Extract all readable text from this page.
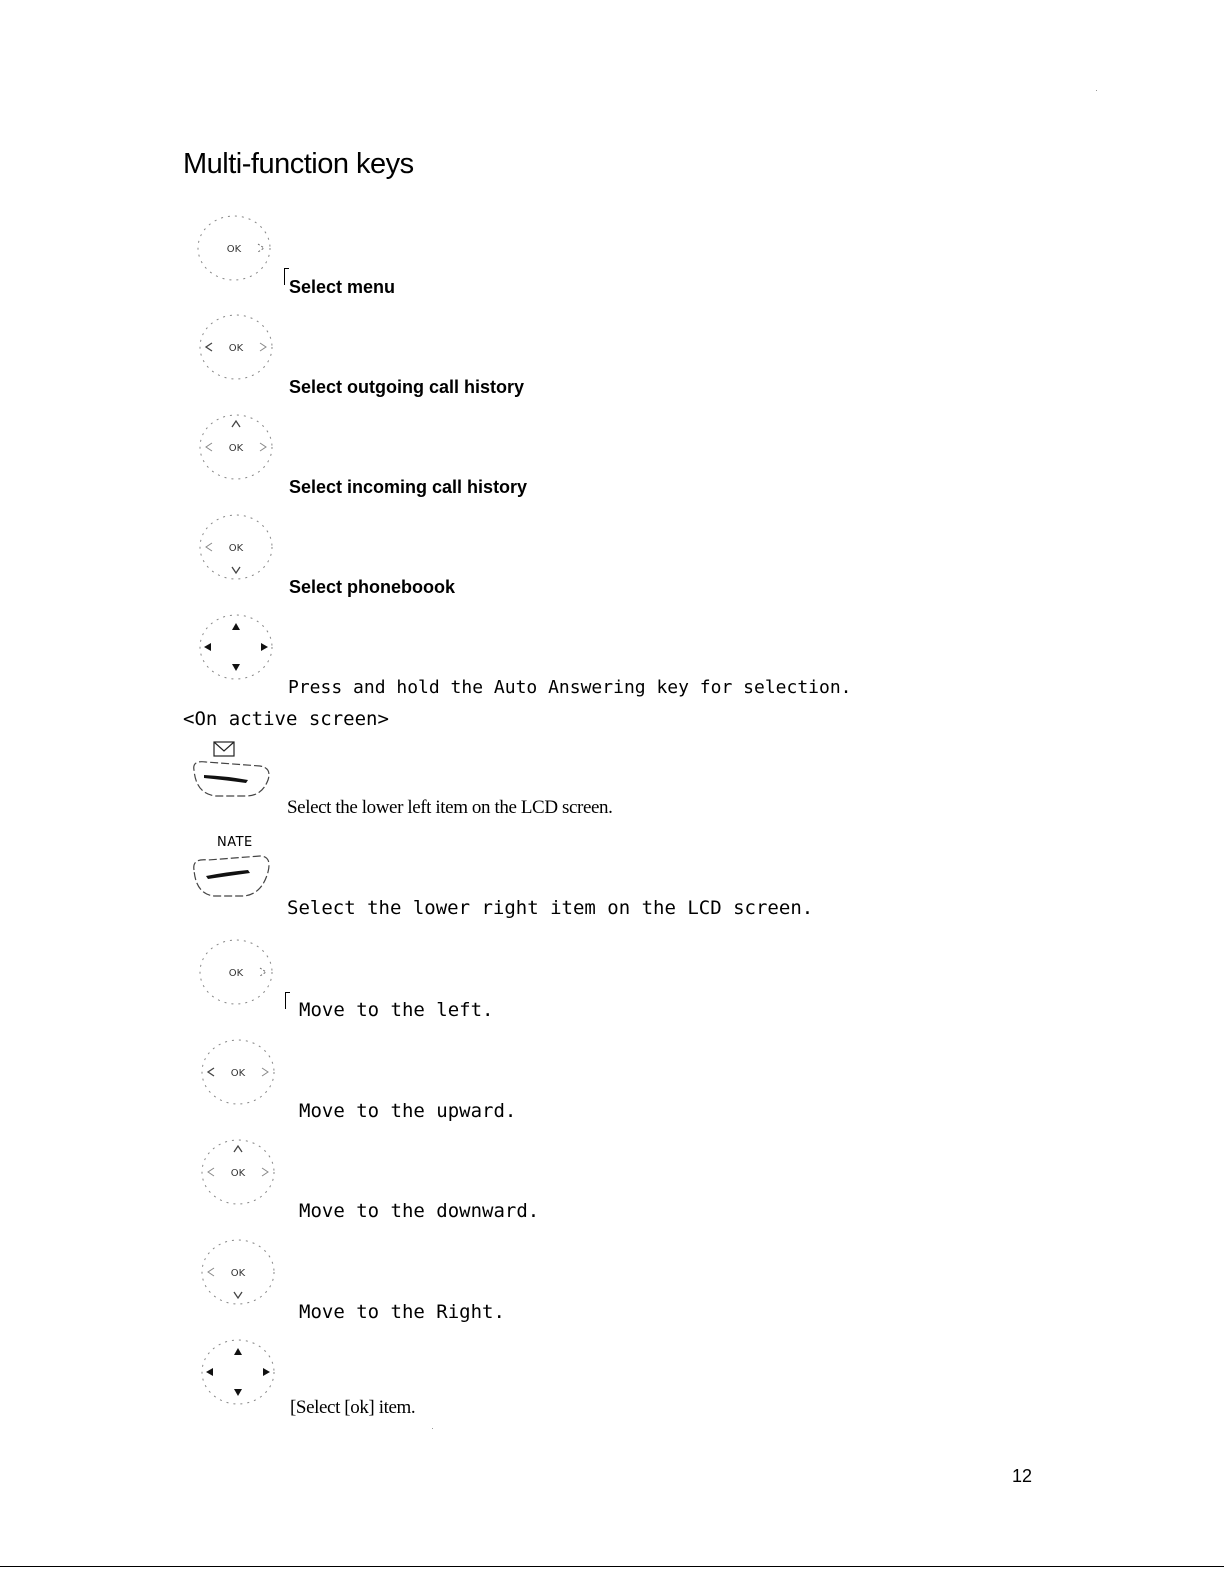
Multi-function keys
OK
Select menu
OK
Select outgoing call history
OK
Select incoming call history
OK
Select phoneboook
Press and hold the Auto Answering key for selection.
<On active screen>
Select the lower left item on the LCD screen.
NATE
Select the lower right item on the LCD screen.
OK
Move to the left.
OK
Move to the upward.
OK
Move to the downward.
OK
Move to the Right.
[Select [ok] item.
12
